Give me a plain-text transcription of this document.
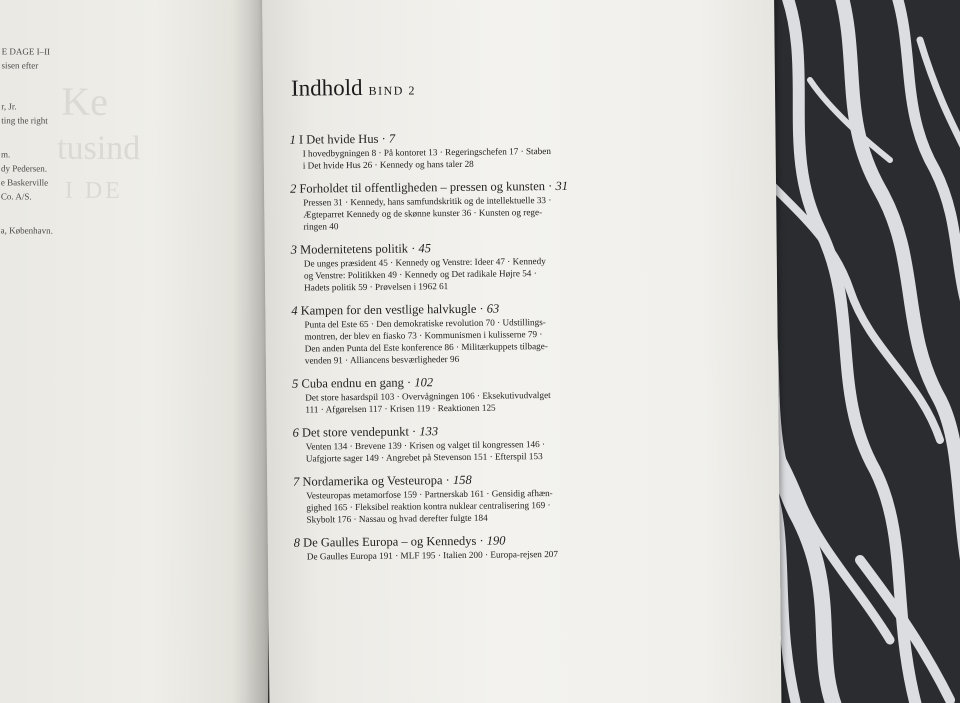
Ke
tusind
I DE
E DAGE I–II
sisen efter
r, Jr.
ting the right
m.
dy Pedersen.
e Baskerville
Co. A/S.
a, København.
Indhold BIND 2
1 I Det hvide Hus · 7
I hovedbygningen 8 · På kontoret 13 · Regeringschefen 17 · Staben
i Det hvide Hus 26 · Kennedy og hans taler 28
2 Forholdet til offentligheden – pressen og kunsten · 31
Pressen 31 · Kennedy, hans samfundskritik og de intellektuelle 33 ·
Ægteparret Kennedy og de skønne kunster 36 · Kunsten og rege-
ringen 40
3 Modernitetens politik · 45
De unges præsident 45 · Kennedy og Venstre: Ideer 47 · Kennedy
og Venstre: Politikken 49 · Kennedy og Det radikale Højre 54 ·
Hadets politik 59 · Prøvelsen i 1962 61
4 Kampen for den vestlige halvkugle · 63
Punta del Este 65 · Den demokratiske revolution 70 · Udstillings-
montren, der blev en fiasko 73 · Kommunismen i kulisserne 79 ·
Den anden Punta del Este konference 86 · Militærkuppets tilbage-
venden 91 · Alliancens besværligheder 96
5 Cuba endnu en gang · 102
Det store hasardspil 103 · Overvågningen 106 · Eksekutivudvalget
111 · Afgørelsen 117 · Krisen 119 · Reaktionen 125
6 Det store vendepunkt · 133
Venten 134 · Brevene 139 · Krisen og valget til kongressen 146 ·
Uafgjorte sager 149 · Angrebet på Stevenson 151 · Efterspil 153
7 Nordamerika og Vesteuropa · 158
Vesteuropas metamorfose 159 · Partnerskab 161 · Gensidig afhæn-
gighed 165 · Fleksibel reaktion kontra nuklear centralisering 169 ·
Skybolt 176 · Nassau og hvad derefter fulgte 184
8 De Gaulles Europa – og Kennedys · 190
De Gaulles Europa 191 · MLF 195 · Italien 200 · Europa-rejsen 207
